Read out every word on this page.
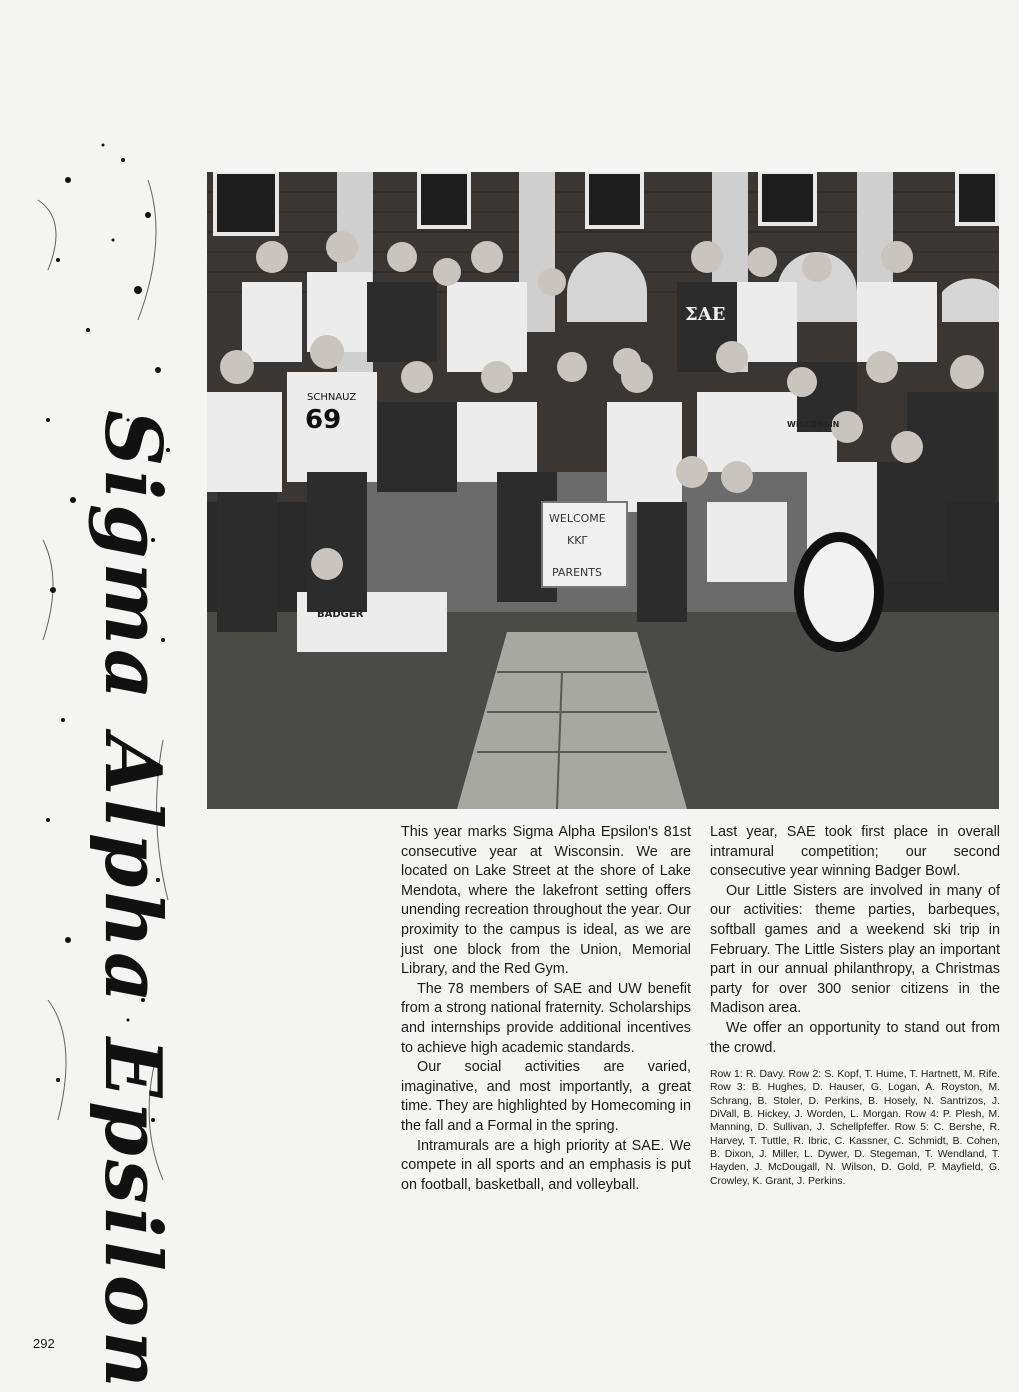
Sigma Alpha Epsilon
SCHNAUZ
69
ΣAE
WELCOME
KKΓ
PARENTS
BADGER
WISCONSIN

This year marks Sigma Alpha Epsilon's 81st consecutive year at Wisconsin. We are located on Lake Street at the shore of Lake Mendota, where the lakefront setting offers unending recreation throughout the year. Our proximity to the campus is ideal, as we are just one block from the Union, Memorial Library, and the Red Gym.

The 78 members of SAE and UW benefit from a strong national fraternity. Scholarships and internships provide additional incentives to achieve high academic standards.

Our social activities are varied, imaginative, and most importantly, a great time. They are highlighted by Homecoming in the fall and a Formal in the spring.

Intramurals are a high priority at SAE. We compete in all sports and an emphasis is put on football, basketball, and volleyball.

Last year, SAE took first place in overall intramural competition; our second consecutive year winning Badger Bowl.

Our Little Sisters are involved in many of our activities: theme parties, barbeques, softball games and a weekend ski trip in February. The Little Sisters play an important part in our annual philanthropy, a Christmas party for over 300 senior citizens in the Madison area.

We offer an opportunity to stand out from the crowd.

Row 1: R. Davy. Row 2: S. Kopf, T. Hume, T. Hartnett, M. Rife. Row 3: B. Hughes, D. Hauser, G. Logan, A. Royston, M. Schrang, B. Stoler, D. Perkins, B. Hosely, N. Santrizos, J. DiVall, B. Hickey, J. Worden, L. Morgan. Row 4: P. Plesh, M. Manning, D. Sullivan, J. Schellpfeffer. Row 5: C. Bershe, R. Harvey, T. Tuttle, R. Ibric, C. Kassner, C. Schmidt, B. Cohen, B. Dixon, J. Miller, L. Dywer, D. Stegeman, T. Wendland, T. Hayden, J. McDougall, N. Wilson, D. Gold, P. Mayfield, G. Crowley, K. Grant, J. Perkins.

292
